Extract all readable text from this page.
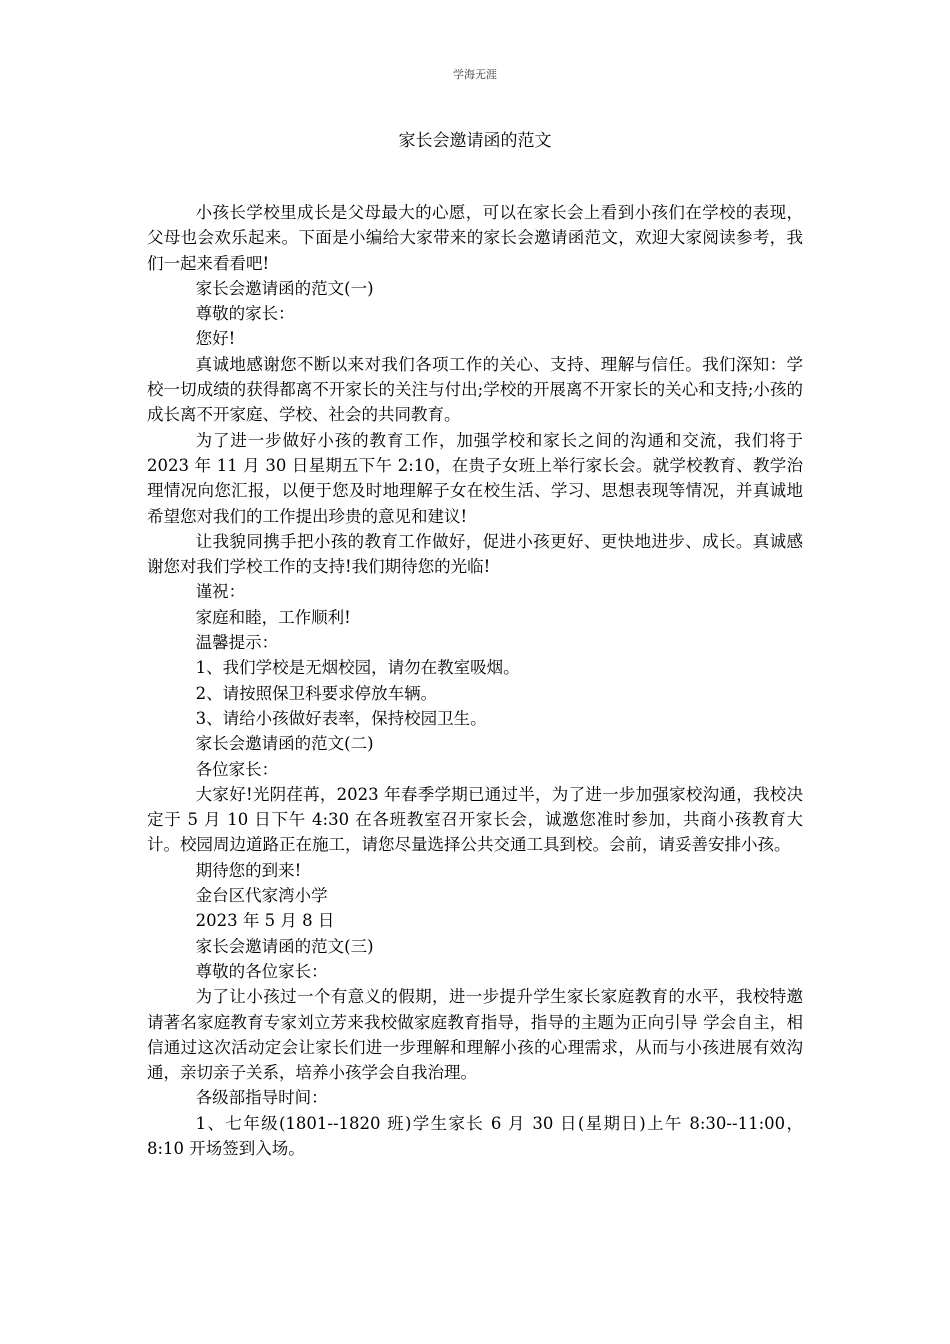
学海无涯
家长会邀请函的范文

小孩长学校里成长是父母最大的心愿，可以在家长会上看到小孩们在学校的表现，父母也会欢乐起来。下面是小编给大家带来的家长会邀请函范文，欢迎大家阅读参考，我们一起来看看吧!

家长会邀请函的范文(一)

尊敬的家长：

您好!

真诚地感谢您不断以来对我们各项工作的关心、支持、理解与信任。我们深知：学校一切成绩的获得都离不开家长的关注与付出;学校的开展离不开家长的关心和支持;小孩的成长离不开家庭、学校、社会的共同教育。

为了进一步做好小孩的教育工作，加强学校和家长之间的沟通和交流，我们将于 2023 年 11 月 30 日星期五下午 2:10，在贵子女班上举行家长会。就学校教育、教学治理情况向您汇报，以便于您及时地理解子女在校生活、学习、思想表现等情况，并真诚地希望您对我们的工作提出珍贵的意见和建议!

让我貌同携手把小孩的教育工作做好，促进小孩更好、更快地进步、成长。真诚感谢您对我们学校工作的支持!我们期待您的光临!

谨祝：

家庭和睦，工作顺利!

温馨提示：

1、我们学校是无烟校园，请勿在教室吸烟。

2、请按照保卫科要求停放车辆。

3、请给小孩做好表率，保持校园卫生。

家长会邀请函的范文(二)

各位家长：

大家好!光阴荏苒，2023 年春季学期已通过半，为了进一步加强家校沟通，我校决定于 5 月 10 日下午 4:30 在各班教室召开家长会，诚邀您准时参加，共商小孩教育大计。校园周边道路正在施工，请您尽量选择公共交通工具到校。会前，请妥善安排小孩。

期待您的到来!

金台区代家湾小学

2023 年 5 月 8 日

家长会邀请函的范文(三)

尊敬的各位家长：

为了让小孩过一个有意义的假期，进一步提升学生家长家庭教育的水平，我校特邀请著名家庭教育专家刘立芳来我校做家庭教育指导，指导的主题为正向引导 学会自主，相信通过这次活动定会让家长们进一步理解和理解小孩的心理需求，从而与小孩进展有效沟通，亲切亲子关系，培养小孩学会自我治理。

各级部指导时间：

1、七年级(1801--1820 班)学生家长 6 月 30 日(星期日)上午 8:30--11:00，8:10 开场签到入场。
